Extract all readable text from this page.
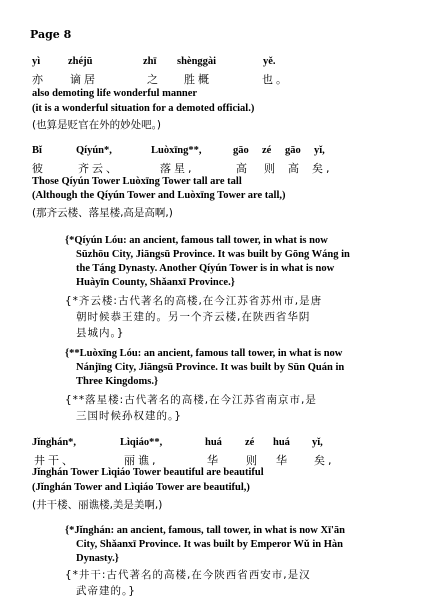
Page 8
yì	zhéjū	zhī shènggài	yě.
亦 谪居	之 胜概	也。
also demoting life wonderful manner
(it is a wonderful situation for a demoted official.)
(也算是贬官在外的妙处吧。)
Bǐ	Qíyún*,	Luòxīng**,	gāo zé gāo yǐ,
彼	齐云、	落星,	高 则 高 矣,
Those Qíyún Tower Luòxīng Tower tall are tall
(Although the Qíyún Tower and Luòxīng Tower are tall,)
(那齐云楼、落星楼,高是高啊,)
{*Qíyún Lóu: an ancient, famous tall tower, in what is now
Sūzhōu City, Jiāngsū Province. It was built by Gōng Wáng in
the Táng Dynasty. Another Qíyún Tower is in what is now
Huàyīn County, Shǎanxī Province.}
{*齐云楼:古代著名的高楼,在今江苏省苏州市,是唐
朝时候恭王建的。另一个齐云楼,在陕西省华阴
县城内。}
{**Luòxīng Lóu: an ancient, famous tall tower, in what is now
Nánjīng City, Jiāngsū Province. It was built by Sūn Quán in
Three Kingdoms.}
{**落星楼:古代著名的高楼,在今江苏省南京市,是
三国时候孙权建的。}
Jǐnghán*,	Lìqiáo**,	huá zé huá yǐ,
井干、	丽谯,	华 则 华 矣,
Jǐnghán Tower Lìqiáo Tower beautiful are beautiful
(Jǐnghán Tower and Lìqiáo Tower are beautiful,)
(井干楼、丽谯楼,美是美啊,)
{*Jǐnghán: an ancient, famous, tall tower, in what is now Xī'ān
City, Shǎanxī Province. It was built by Emperor Wǔ in Hàn
Dynasty.}
{*井干:古代著名的高楼,在今陕西省西安市,是汉
武帝建的。}
